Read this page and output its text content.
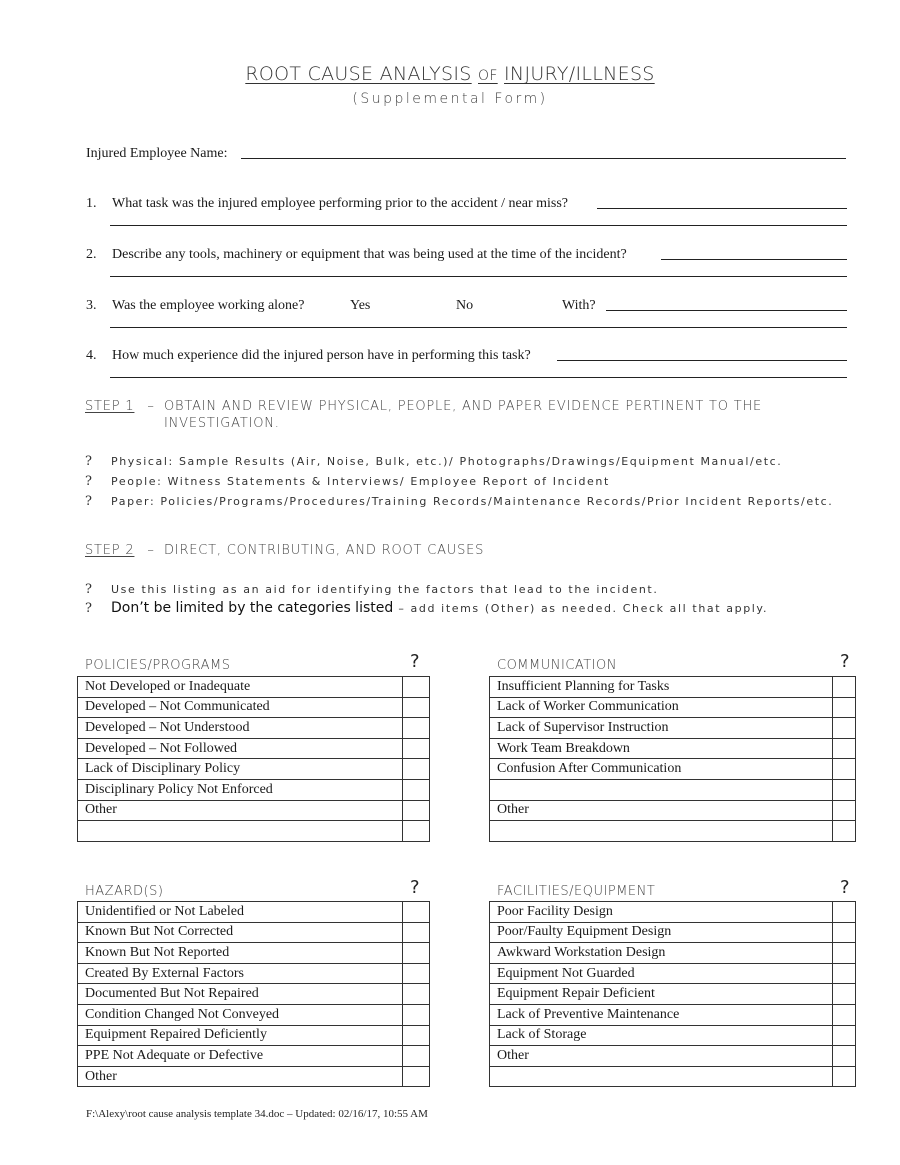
ROOT CAUSE ANALYSIS OF INJURY/ILLNESS
(Supplemental Form)
Injured Employee Name:
1. What task was the injured employee performing prior to the accident / near miss?
2. Describe any tools, machinery or equipment that was being used at the time of the incident?
3. Was the employee working alone?	Yes	No	With?
4. How much experience did the injured person have in performing this task?
STEP 1 – OBTAIN AND REVIEW PHYSICAL, PEOPLE, AND PAPER EVIDENCE PERTINENT TO THE
INVESTIGATION.
? Physical: Sample Results (Air, Noise, Bulk, etc.)/ Photographs/Drawings/Equipment Manual/etc.
? People: Witness Statements & Interviews/ Employee Report of Incident
? Paper: Policies/Programs/Procedures/Training Records/Maintenance Records/Prior Incident Reports/etc.
STEP 2 – DIRECT, CONTRIBUTING, AND ROOT CAUSES
? Use this listing as an aid for identifying the factors that lead to the incident.
? Don’t be limited by the categories listed – add items (Other) as needed. Check all that apply.
POLICIES/PROGRAMS	?
Not Developed or Inadequate	
Developed – Not Communicated	
Developed – Not Understood	
Developed – Not Followed	
Lack of Disciplinary Policy	
Disciplinary Policy Not Enforced	
Other	

COMMUNICATION	?
Insufficient Planning for Tasks	
Lack of Worker Communication	
Lack of Supervisor Instruction	
Work Team Breakdown	
Confusion After Communication	

Other	

HAZARD(S)	?
Unidentified or Not Labeled	
Known But Not Corrected	
Known But Not Reported	
Created By External Factors	
Documented But Not Repaired	
Condition Changed Not Conveyed	
Equipment Repaired Deficiently	
PPE Not Adequate or Defective	
Other	
FACILITIES/EQUIPMENT	?
Poor Facility Design	
Poor/Faulty Equipment Design	
Awkward Workstation Design	
Equipment Not Guarded	
Equipment Repair Deficient	
Lack of Preventive Maintenance	
Lack of Storage	
Other	

F:\Alexy\root cause analysis template 34.doc – Updated: 02/16/17, 10:55 AM
